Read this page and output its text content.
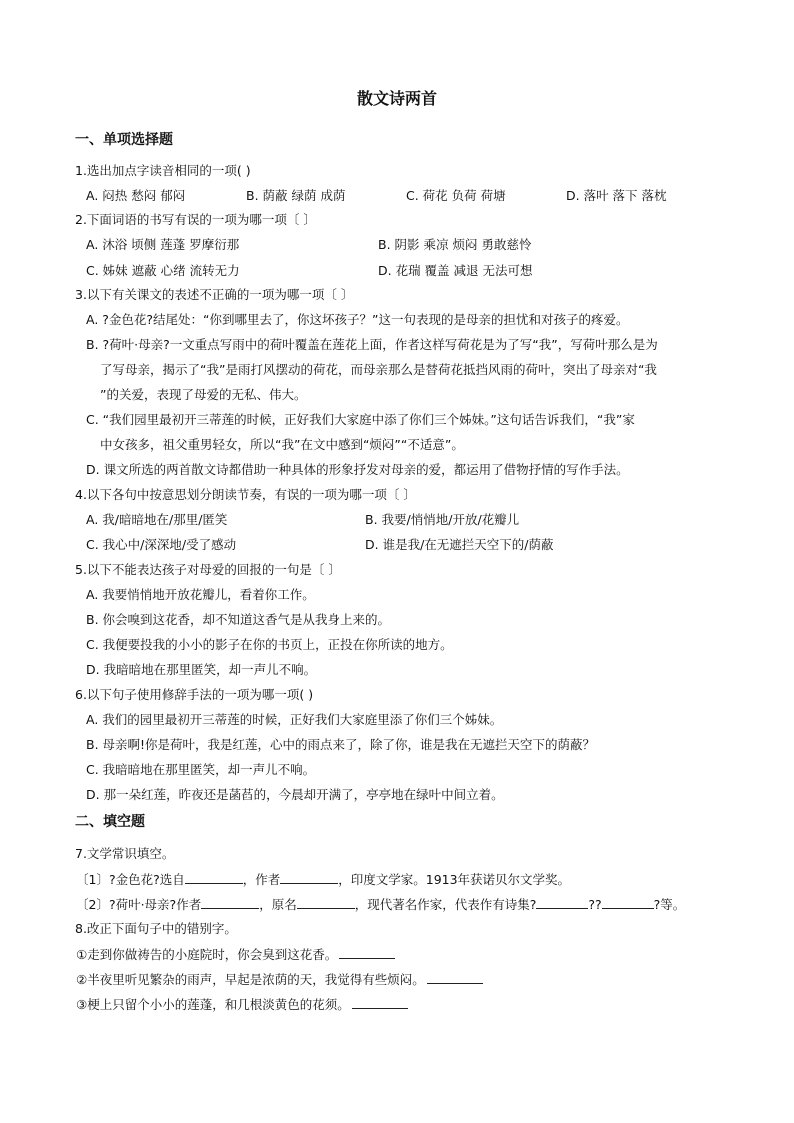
散文诗两首
一、单项选择题
1.选出加点字读音相同的一项( )
A. 闷热 愁闷 郁闷	B. 荫蔽 绿荫 成荫	C. 荷花 负荷 荷塘	D. 落叶 落下 落枕
2.下面词语的书写有误的一项为哪一项〔 〕
A. 沐浴 顷侧 莲蓬 罗摩衍那	B. 阴影 乘凉 烦闷 勇敢慈怜
C. 姊妹 遮蔽 心绪 流转无力	D. 花瑞 覆盖 减退 无法可想
3.以下有关课文的表述不正确的一项为哪一项〔 〕
A. ?金色花?结尾处：“你到哪里去了，你这坏孩子？”这一句表现的是母亲的担忧和对孩子的疼爱。
B. ?荷叶·母亲?一文重点写雨中的荷叶覆盖在莲花上面，作者这样写荷花是为了写“我”，写荷叶那么是为
了写母亲，揭示了“我”是雨打风摆动的荷花，而母亲那么是替荷花抵挡风雨的荷叶，突出了母亲对“我
”的关爱，表现了母爱的无私、伟大。
C. “我们园里最初开三蒂莲的时候，正好我们大家庭中添了你们三个姊妹。”这句话告诉我们，“我”家
中女孩多，祖父重男轻女，所以“我”在文中感到“烦闷”“不适意”。
D. 课文所选的两首散文诗都借助一种具体的形象抒发对母亲的爱，都运用了借物抒情的写作手法。
4.以下各句中按意思划分朗读节奏，有误的一项为哪一项〔 〕
A. 我/暗暗地在/那里/匿笑	B. 我要/悄悄地/开放/花瓣儿
C. 我心中/深深地/受了感动	D. 谁是我/在无遮拦天空下的/荫蔽
5.以下不能表达孩子对母爱的回报的一句是〔 〕
A. 我要悄悄地开放花瓣儿，看着你工作。
B. 你会嗅到这花香，却不知道这香气是从我身上来的。
C. 我便要投我的小小的影子在你的书页上，正投在你所读的地方。
D. 我暗暗地在那里匿笑，却一声儿不响。
6.以下句子使用修辞手法的一项为哪一项( )
A. 我们的园里最初开三蒂莲的时候，正好我们大家庭里添了你们三个姊妹。
B. 母亲啊!你是荷叶，我是红莲，心中的雨点来了，除了你，谁是我在无遮拦天空下的荫蔽？
C. 我暗暗地在那里匿笑，却一声儿不响。
D. 那一朵红莲，昨夜还是菡萏的，今晨却开满了，亭亭地在绿叶中间立着。
二、填空题
7.文学常识填空。
〔1〕?金色花?选自	，作者	，印度文学家。1913年获诺贝尔文学奖。
〔2〕?荷叶·母亲?作者	，原名	，现代著名作家，代表作有诗集?	??	?等。
8.改正下面句子中的错别字。
①走到你做祷告的小庭院时，你会臭到这花香。
②半夜里听见繁杂的雨声，早起是浓荫的天，我觉得有些烦闷。
③梗上只留个小小的莲蓬，和几根淡黄色的花须。
